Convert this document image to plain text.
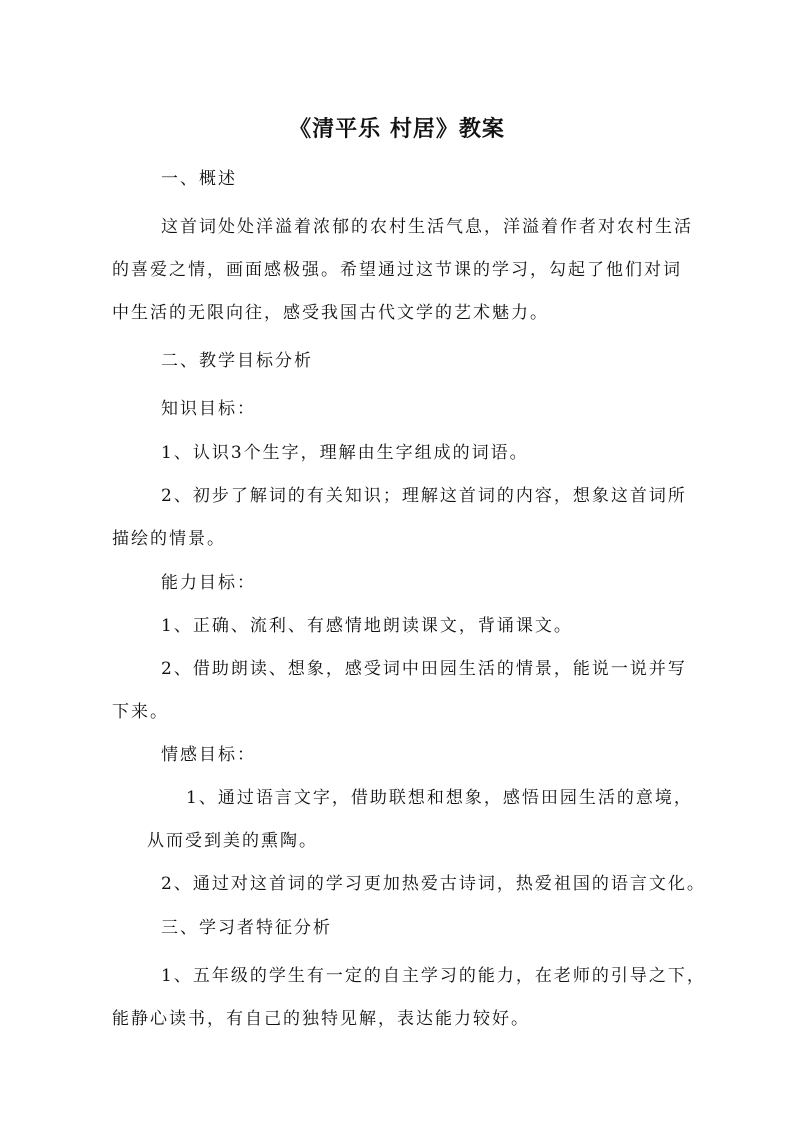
《清平乐 村居》教案
一、概述
这首词处处洋溢着浓郁的农村生活气息，洋溢着作者对农村生活
的喜爱之情，画面感极强。希望通过这节课的学习，勾起了他们对词
中生活的无限向往，感受我国古代文学的艺术魅力。
二、教学目标分析
知识目标：
1、认识3个生字，理解由生字组成的词语。
2、初步了解词的有关知识；理解这首词的内容，想象这首词所
描绘的情景。
能力目标：
1、正确、流利、有感情地朗读课文，背诵课文。
2、借助朗读、想象，感受词中田园生活的情景，能说一说并写
下来。
情感目标：
1、通过语言文字，借助联想和想象，感悟田园生活的意境，
从而受到美的熏陶。
2、通过对这首词的学习更加热爱古诗词，热爱祖国的语言文化。
三、学习者特征分析
1、五年级的学生有一定的自主学习的能力，在老师的引导之下，
能静心读书，有自己的独特见解，表达能力较好。
